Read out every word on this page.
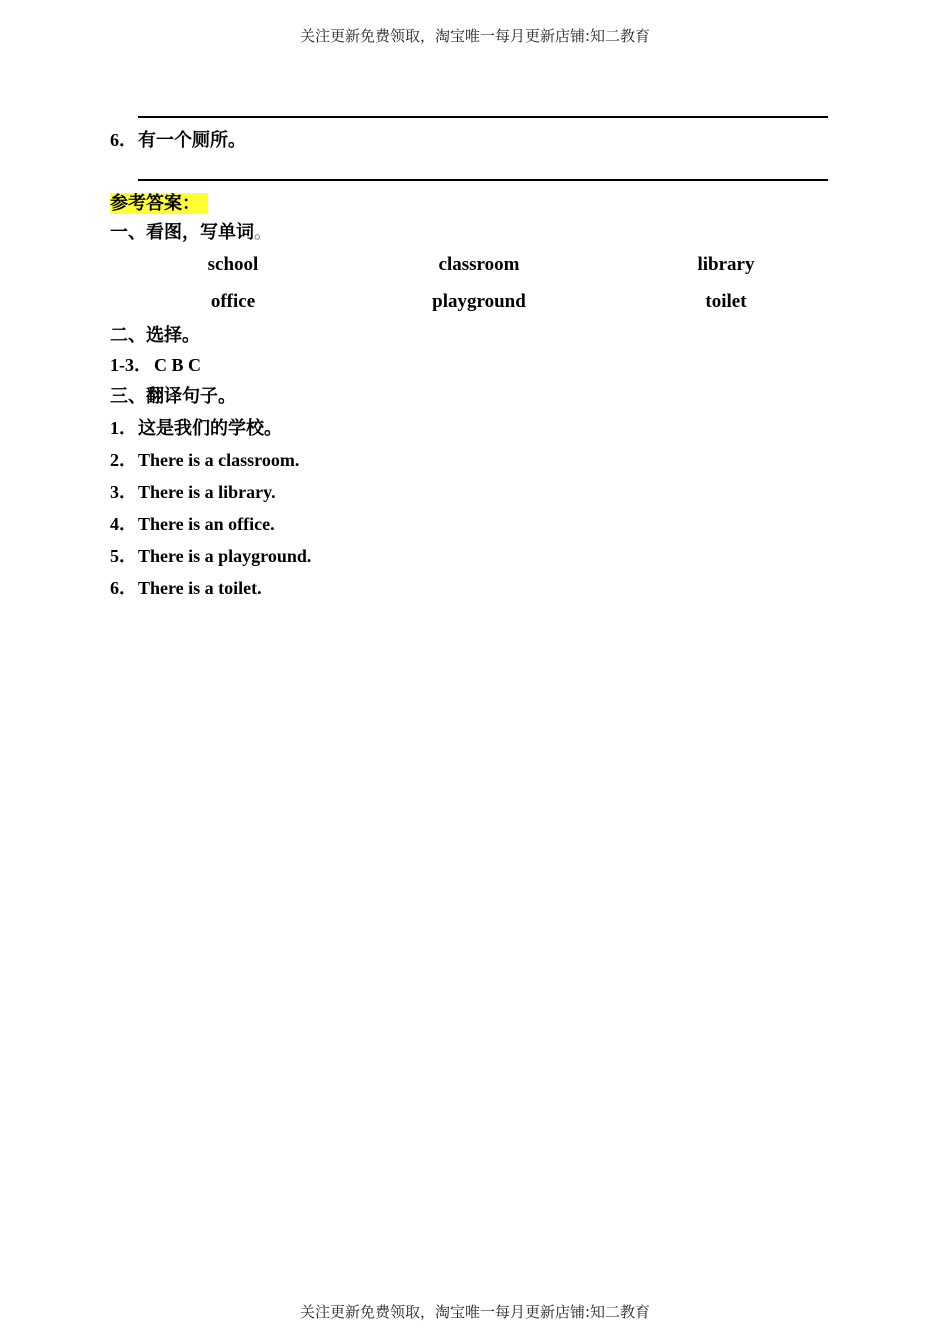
关注更新免费领取，淘宝唯一每月更新店铺:知二教育
6．有一个厕所。
参考答案：
一、看图，写单词。
school	classroom	library
office	playground	toilet
二、选择。
1-3． C B C
三、翻译句子。
1．这是我们的学校。
2．There is a classroom.
3．There is a library.
4．There is an office.
5．There is a playground.
6．There is a toilet.
关注更新免费领取，淘宝唯一每月更新店铺:知二教育
